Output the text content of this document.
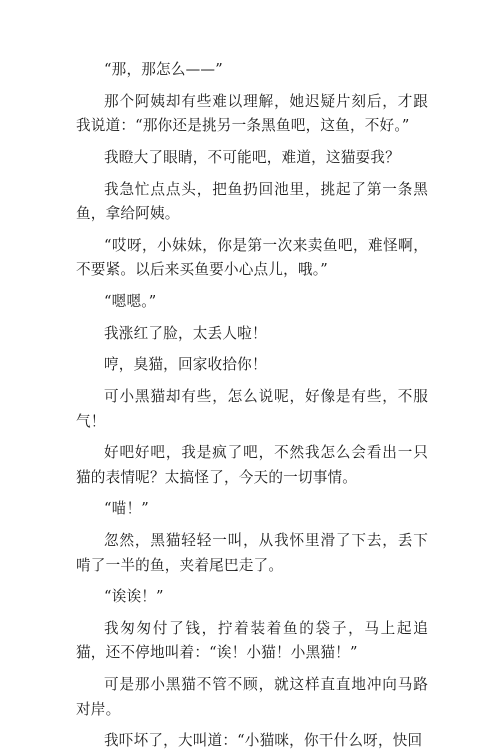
“那，那怎么——”

那个阿姨却有些难以理解，她迟疑片刻后，才跟我说道：“那你还是挑另一条黑鱼吧，这鱼，不好。”

我瞪大了眼睛，不可能吧，难道，这猫耍我？

我急忙点点头，把鱼扔回池里，挑起了第一条黑鱼，拿给阿姨。

“哎呀，小妹妹，你是第一次来卖鱼吧，难怪啊，不要紧。以后来买鱼要小心点儿，哦。”

“嗯嗯。”

我涨红了脸，太丢人啦！

哼，臭猫，回家收拾你！

可小黑猫却有些，怎么说呢，好像是有些，不服气！

好吧好吧，我是疯了吧，不然我怎么会看出一只猫的表情呢？太搞怪了，今天的一切事情。

“喵！”

忽然，黑猫轻轻一叫，从我怀里滑了下去，丢下啃了一半的鱼，夹着尾巴走了。

“诶诶！”

我匆匆付了钱，拧着装着鱼的袋子，马上起追猫，还不停地叫着：“诶！小猫！小黑猫！”

可是那小黑猫不管不顾，就这样直直地冲向马路对岸。

我吓坏了，大叫道：“小猫咪，你干什么呀，快回
